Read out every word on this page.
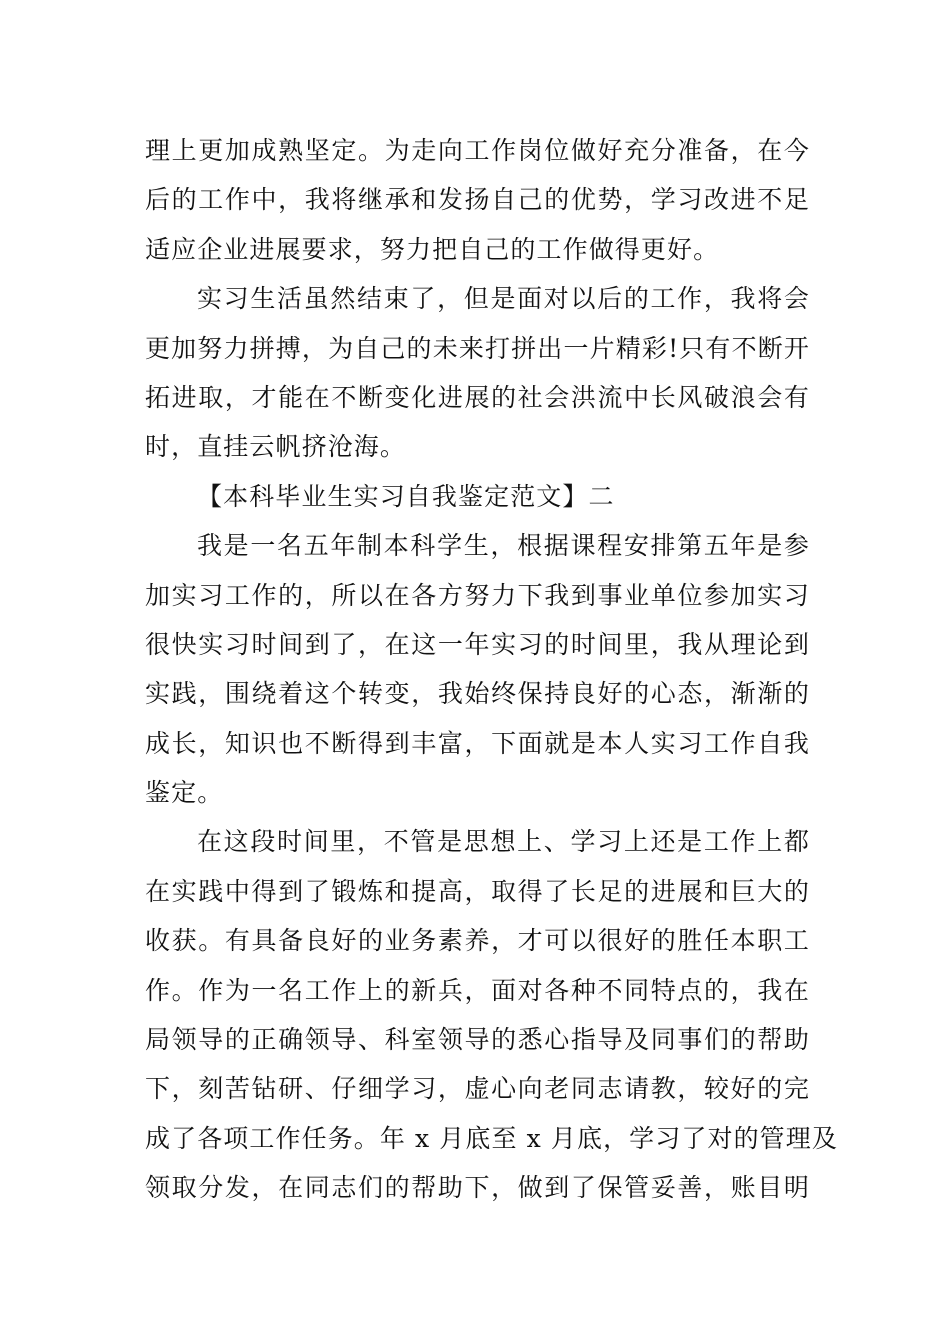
理上更加成熟坚定。为走向工作岗位做好充分准备，在今
后的工作中，我将继承和发扬自己的优势，学习改进不足
适应企业进展要求，努力把自己的工作做得更好。
实习生活虽然结束了，但是面对以后的工作，我将会
更加努力拼搏，为自己的未来打拼出一片精彩!只有不断开
拓进取，才能在不断变化进展的社会洪流中长风破浪会有
时，直挂云帆挤沧海。
【本科毕业生实习自我鉴定范文】二
我是一名五年制本科学生，根据课程安排第五年是参
加实习工作的，所以在各方努力下我到事业单位参加实习
很快实习时间到了，在这一年实习的时间里，我从理论到
实践，围绕着这个转变，我始终保持良好的心态，渐渐的
成长，知识也不断得到丰富，下面就是本人实习工作自我
鉴定。
在这段时间里，不管是思想上、学习上还是工作上都
在实践中得到了锻炼和提高，取得了长足的进展和巨大的
收获。有具备良好的业务素养，才可以很好的胜任本职工
作。作为一名工作上的新兵，面对各种不同特点的，我在
局领导的正确领导、科室领导的悉心指导及同事们的帮助
下，刻苦钻研、仔细学习，虚心向老同志请教，较好的完
成了各项工作任务。年 x 月底至 x 月底，学习了对的管理及
领取分发，在同志们的帮助下，做到了保管妥善，账目明
